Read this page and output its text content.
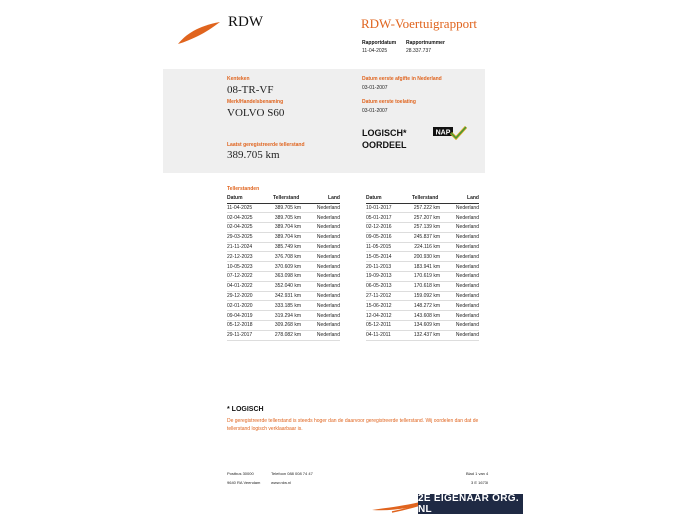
RDW	RDW-Voertuigrapport
Rapportdatum
11-04-2025
Rapportnummer
28.337.737
Kenteken
08-TR-VF
Merk/Handelsbenaming
VOLVO S60
Laatst geregistreerde tellerstand
389.705 km
Datum eerste afgifte in Nederland
03-01-2007
Datum eerste toelating
03-01-2007
LOGISCH*
OORDEEL
NAP
Tellerstanden
Datum	Tellerstand	Land
11-04-2025	389.705 km	Nederland
02-04-2025	389.705 km	Nederland
02-04-2025	389.704 km	Nederland
29-03-2025	389.704 km	Nederland
21-11-2024	385.749 km	Nederland
22-12-2023	376.708 km	Nederland
10-05-2023	370.609 km	Nederland
07-12-2022	363.098 km	Nederland
04-01-2022	352.040 km	Nederland
29-12-2020	342.931 km	Nederland
02-01-2020	333.185 km	Nederland
09-04-2019	319.294 km	Nederland
05-12-2018	309.268 km	Nederland
29-11-2017	278.082 km	Nederland
Datum	Tellerstand	Land
10-01-2017	257.222 km	Nederland
05-01-2017	257.207 km	Nederland
02-12-2016	257.139 km	Nederland
09-05-2016	245.837 km	Nederland
11-05-2015	224.116 km	Nederland
15-05-2014	200.930 km	Nederland
20-11-2013	183.941 km	Nederland
19-09-2013	170.619 km	Nederland
06-05-2013	170.618 km	Nederland
27-11-2012	159.092 km	Nederland
15-06-2012	148.272 km	Nederland
12-04-2012	143.608 km	Nederland
05-12-2011	134.609 km	Nederland
04-11-2011	132.437 km	Nederland
* LOGISCH
De geregistreerde tellerstand is steeds hoger dan de daarvoor geregistreerde tellerstand. Wij oordelen dan dat de tellerstand logisch verklaarbaar is.
Postbus 30000
9640 RA Veendam
Telefoon 088 008 74 47
www.rdw.nl
Blad 1 van 4
3 E 1673I
2E EIGENAAR ORG. NL
